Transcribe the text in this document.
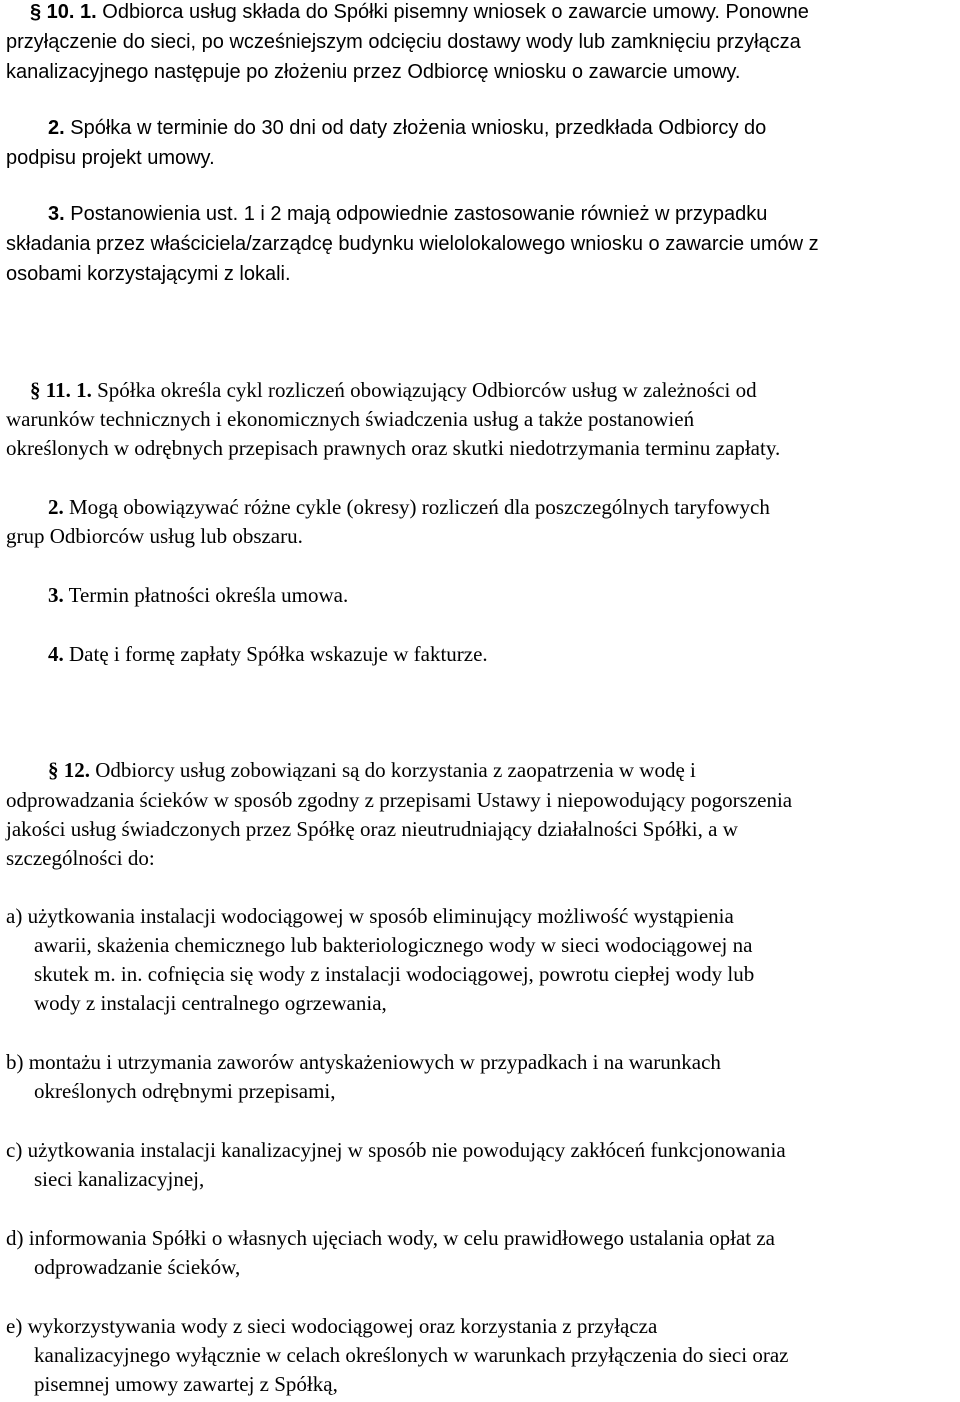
§ 10. 1. Odbiorca usług składa do Spółki pisemny wniosek o zawarcie umowy. Ponowne
przyłączenie do sieci, po wcześniejszym odcięciu dostawy wody lub zamknięciu przyłącza
kanalizacyjnego następuje po złożeniu przez Odbiorcę wniosku o zawarcie umowy.
2. Spółka w terminie do 30 dni od daty złożenia wniosku, przedkłada Odbiorcy do
podpisu projekt umowy.
3. Postanowienia ust. 1 i 2 mają odpowiednie zastosowanie również w przypadku
składania przez właściciela/zarządcę budynku wielolokalowego wniosku o zawarcie umów z
osobami korzystającymi z lokali.
§ 11. 1. Spółka określa cykl rozliczeń obowiązujący Odbiorców usług w zależności od
warunków technicznych i ekonomicznych świadczenia usług a także postanowień
określonych w odrębnych przepisach prawnych oraz skutki niedotrzymania terminu zapłaty.
2. Mogą obowiązywać różne cykle (okresy) rozliczeń dla poszczególnych taryfowych
grup Odbiorców usług lub obszaru.
3. Termin płatności określa umowa.
4. Datę i formę zapłaty Spółka wskazuje w fakturze.
§ 12. Odbiorcy usług zobowiązani są do korzystania z zaopatrzenia w wodę i
odprowadzania ścieków w sposób zgodny z przepisami Ustawy i niepowodujący pogorszenia
jakości usług świadczonych przez Spółkę oraz nieutrudniający działalności Spółki, a w
szczególności do:
a) użytkowania instalacji wodociągowej w sposób eliminujący możliwość wystąpienia
awarii, skażenia chemicznego lub bakteriologicznego wody w sieci wodociągowej na
skutek m. in. cofnięcia się wody z instalacji wodociągowej, powrotu ciepłej wody lub
wody z instalacji centralnego ogrzewania,
b) montażu i utrzymania zaworów antyskażeniowych w przypadkach i na warunkach
określonych odrębnymi przepisami,
c) użytkowania instalacji kanalizacyjnej w sposób nie powodujący zakłóceń funkcjonowania
sieci kanalizacyjnej,
d) informowania Spółki o własnych ujęciach wody, w celu prawidłowego ustalania opłat za
odprowadzanie ścieków,
e) wykorzystywania wody z sieci wodociągowej oraz korzystania z przyłącza
kanalizacyjnego wyłącznie w celach określonych w warunkach przyłączenia do sieci oraz
pisemnej umowy zawartej z Spółką,
